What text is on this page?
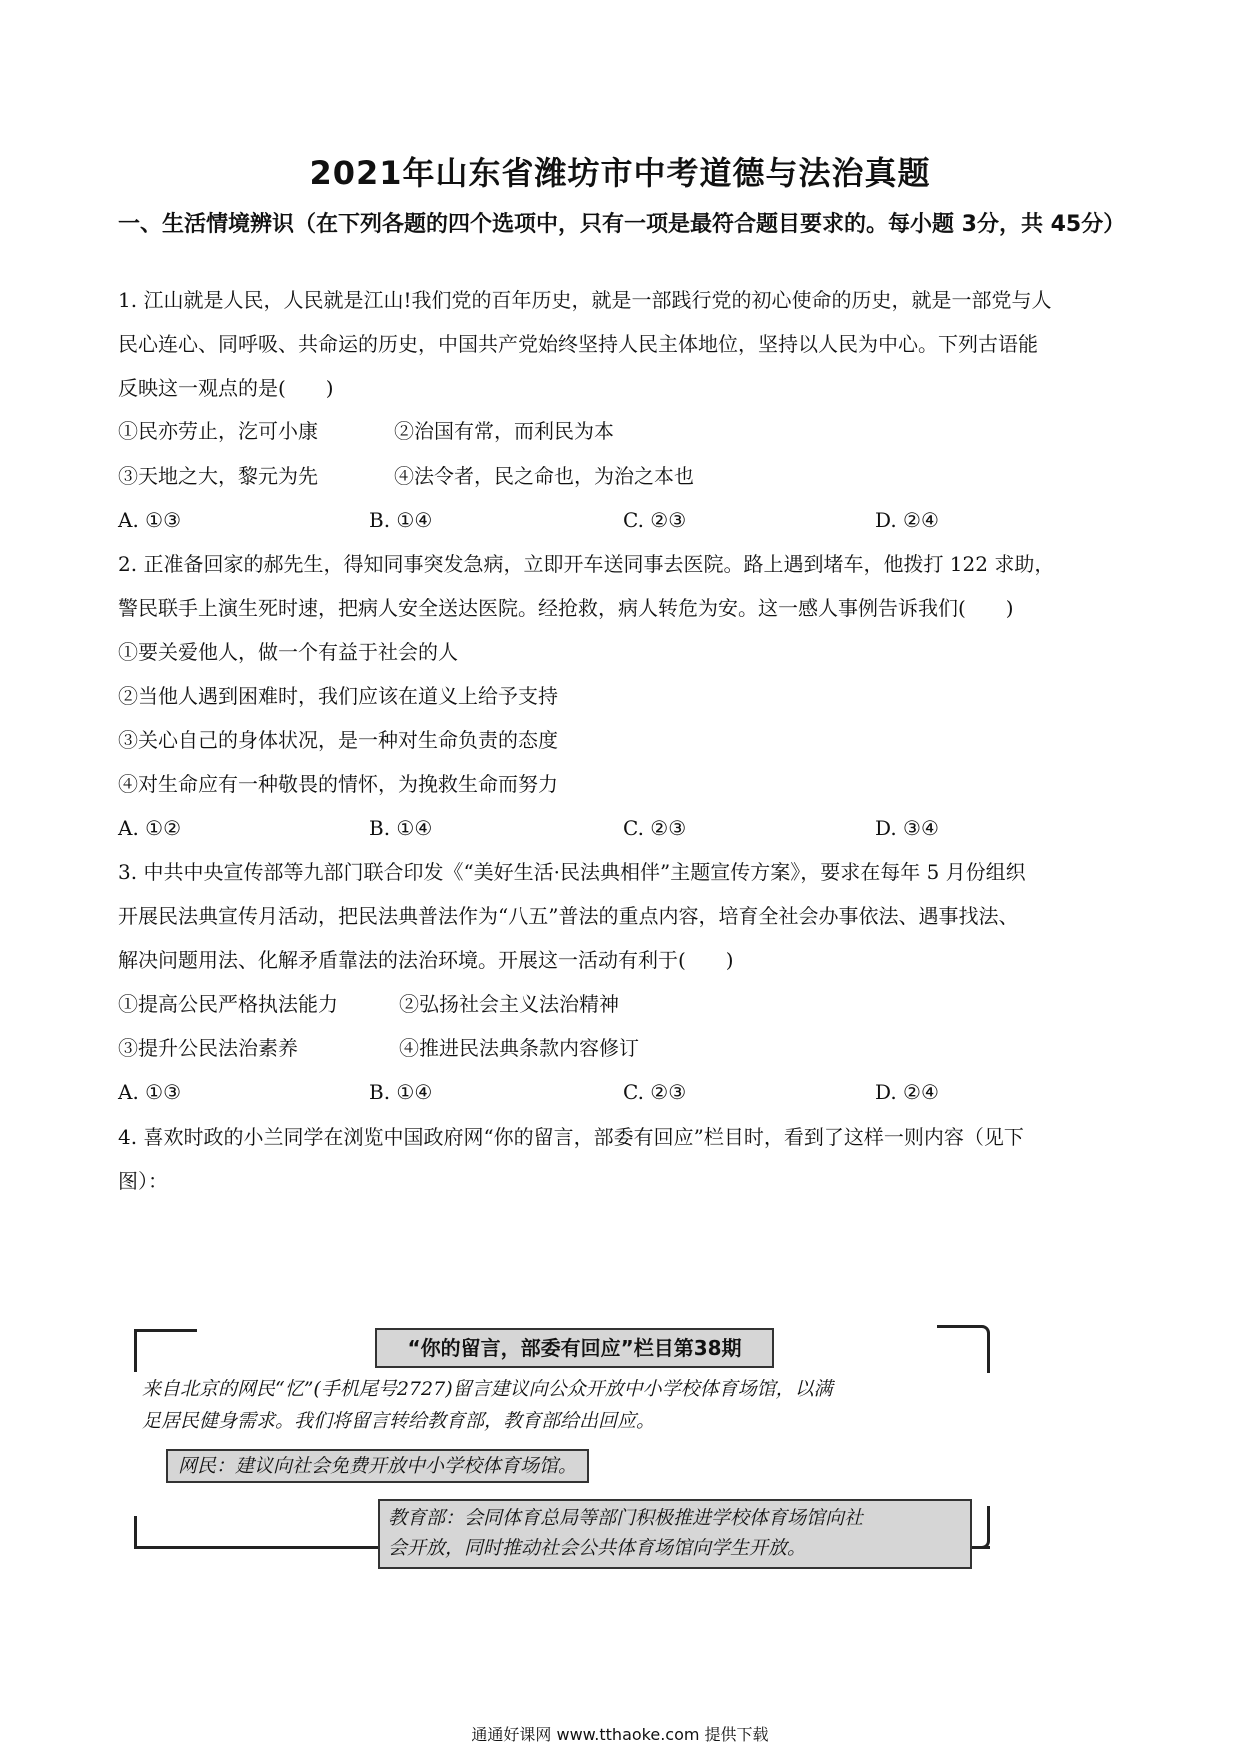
2021年山东省潍坊市中考道德与法治真题
一、生活情境辨识（在下列各题的四个选项中，只有一项是最符合题目要求的。每小题 3分，共 45分）
1. 江山就是人民，人民就是江山!我们党的百年历史，就是一部践行党的初心使命的历史，就是一部党与人
民心连心、同呼吸、共命运的历史，中国共产党始终坚持人民主体地位，坚持以人民为中心。下列古语能
反映这一观点的是(　　)
①民亦劳止，汔可小康	②治国有常，而利民为本
③天地之大，黎元为先	④法令者，民之命也，为治之本也
A. ①③	B. ①④	C. ②③	D. ②④
2. 正准备回家的郝先生，得知同事突发急病，立即开车送同事去医院。路上遇到堵车，他拨打 122 求助，
警民联手上演生死时速，把病人安全送达医院。经抢救，病人转危为安。这一感人事例告诉我们(　　)
①要关爱他人，做一个有益于社会的人
②当他人遇到困难时，我们应该在道义上给予支持
③关心自己的身体状况，是一种对生命负责的态度
④对生命应有一种敬畏的情怀，为挽救生命而努力
A. ①②	B. ①④	C. ②③	D. ③④
3. 中共中央宣传部等九部门联合印发《“美好生活·民法典相伴”主题宣传方案》，要求在每年 5 月份组织
开展民法典宣传月活动，把民法典普法作为“八五”普法的重点内容，培育全社会办事依法、遇事找法、
解决问题用法、化解矛盾靠法的法治环境。开展这一活动有利于(　　)
①提高公民严格执法能力	②弘扬社会主义法治精神
③提升公民法治素养	④推进民法典条款内容修订
A. ①③	B. ①④	C. ②③	D. ②④
4. 喜欢时政的小兰同学在浏览中国政府网“你的留言，部委有回应”栏目时，看到了这样一则内容（见下
图）：
“你的留言，部委有回应”栏目第38期
来自北京的网民“忆”(手机尾号2727)留言建议向公众开放中小学校体育场馆，以满
足居民健身需求。我们将留言转给教育部，教育部给出回应。
网民：建议向社会免费开放中小学校体育场馆。
教育部：会同体育总局等部门积极推进学校体育场馆向社
会开放，同时推动社会公共体育场馆向学生开放。
通通好课网 www.tthaoke.com 提供下载
